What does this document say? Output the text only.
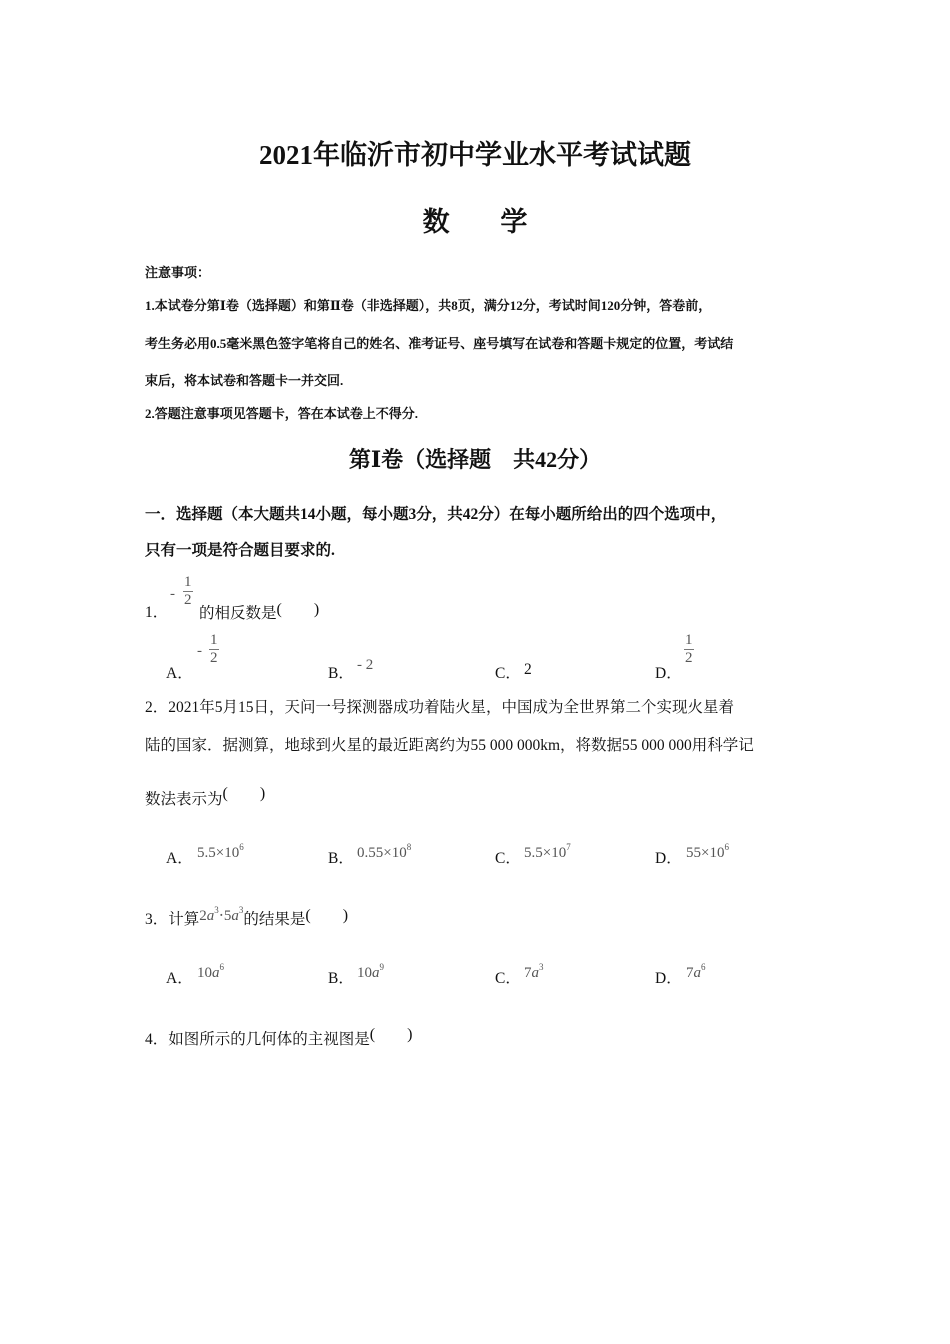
2021年临沂市初中学业水平考试试题
数 学
注意事项：
1.本试卷分第Ⅰ卷（选择题）和第Ⅱ卷（非选择题），共8页，满分12分，考试时间120分钟，答卷前，
考生务必用0.5毫米黑色签字笔将自己的姓名、准考证号、座号填写在试卷和答题卡规定的位置，考试结
束后，将本试卷和答题卡一并交回.
2.答题注意事项见答题卡，答在本试卷上不得分.
第Ⅰ卷（选择题　共42分）
一．选择题（本大题共14小题，每小题3分，共42分）在每小题所给出的四个选项中，
只有一项是符合题目要求的.
1．
- $\frac{1}{2}$
的相反数是(　　)
A．
- $\frac{1}{2}$
B． - 2	C． 2	D．
$\frac{1}{2}$
2．2021年5月15日，天问一号探测器成功着陆火星，中国成为全世界第二个实现火星着
陆的国家．据测算，地球到火星的最近距离约为55 000 000km，将数据55 000 000用科学记
数法表示为(　　)
A． $5.5\times 10^6$
B． $0.55\times 10^8$
C． $5.5\times 10^7$
D． $55\times 10^6$
3．计算$2a^3\cdot 5a^3$的结果是(　　)
A． $10a^6$
B． $10a^9$
C． $7a^3$
D． $7a^6$
4．如图所示的几何体的主视图是(　　)
